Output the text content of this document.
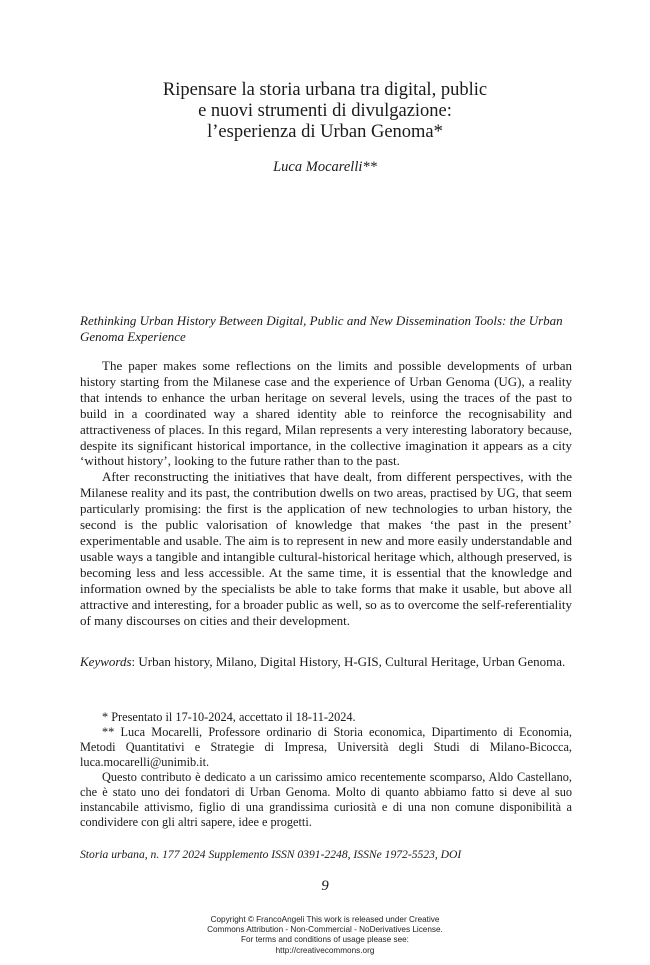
Ripensare la storia urbana tra digital, public
e nuovi strumenti di divulgazione:
l’esperienza di Urban Genoma*

Luca Mocarelli**

Rethinking Urban History Between Digital, Public and New Dissemination Tools: the Urban Genoma Experience

The paper makes some reflections on the limits and possible developments of urban history starting from the Milanese case and the experience of Urban Genoma (UG), a reality that intends to enhance the urban heritage on several levels, using the traces of the past to build in a coordinated way a shared identity able to reinforce the recognisability and attractiveness of places. In this regard, Milan represents a very interesting laboratory because, despite its significant historical importance, in the collective imagination it appears as a city ‘without history’, looking to the future rather than to the past.

After reconstructing the initiatives that have dealt, from different perspectives, with the Milanese reality and its past, the contribution dwells on two areas, practised by UG, that seem particularly promising: the first is the application of new technologies to urban history, the second is the public valorisation of knowledge that makes ‘the past in the present’ experimentable and usable. The aim is to represent in new and more easily understandable and usable ways a tangible and intangible cultural-historical heritage which, although preserved, is becoming less and less accessible. At the same time, it is essential that the knowledge and information owned by the specialists be able to take forms that make it usable, but above all attractive and interesting, for a broader public as well, so as to overcome the self-referentiality of many discourses on cities and their development.

Keywords: Urban history, Milano, Digital History, H-GIS, Cultural Heritage, Urban Genoma.

* Presentato il 17-10-2024, accettato il 18-11-2024.

** Luca Mocarelli, Professore ordinario di Storia economica, Dipartimento di Economia, Metodi Quantitativi e Strategie di Impresa, Università degli Studi di Milano-Bicocca, luca.mocarelli@unimib.it.

Questo contributo è dedicato a un carissimo amico recentemente scomparso, Aldo Castellano, che è stato uno dei fondatori di Urban Genoma. Molto di quanto abbiamo fatto si deve al suo instancabile attivismo, figlio di una grandissima curiosità e di una non comune disponibilità a condividere con gli altri sapere, idee e progetti.

Storia urbana, n. 177 2024 Supplemento ISSN 0391-2248, ISSNe 1972-5523, DOI

9

Copyright © FrancoAngeli This work is released under Creative
Commons Attribution - Non-Commercial - NoDerivatives License.
For terms and conditions of usage please see:
http://creativecommons.org
